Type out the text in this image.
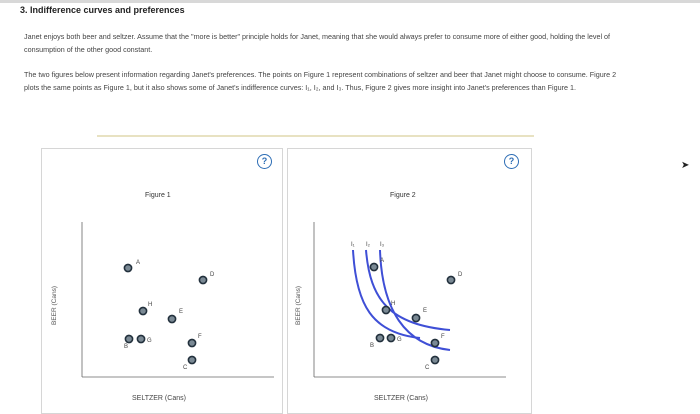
3. Indifference curves and preferences
Janet enjoys both beer and seltzer. Assume that the "more is better" principle holds for Janet, meaning that she would always prefer to consume more of either good, holding the level of consumption of the other good constant.
The two figures below present information regarding Janet's preferences. The points on Figure 1 represent combinations of seltzer and beer that Janet might choose to consume. Figure 2 plots the same points as Figure 1, but it also shows some of Janet's indifference curves: I₁, I₂, and I₃. Thus, Figure 2 gives more insight into Janet's preferences than Figure 1.
?	?
Figure 1
BEER (Cans)
SELTZER (Cans)
A
B
C
D
E
F
G
H
Figure 2
BEER (Cans)
SELTZER (Cans)
I₁ I₂ I₃
A
B
C
D
E
F
G
H
➤
